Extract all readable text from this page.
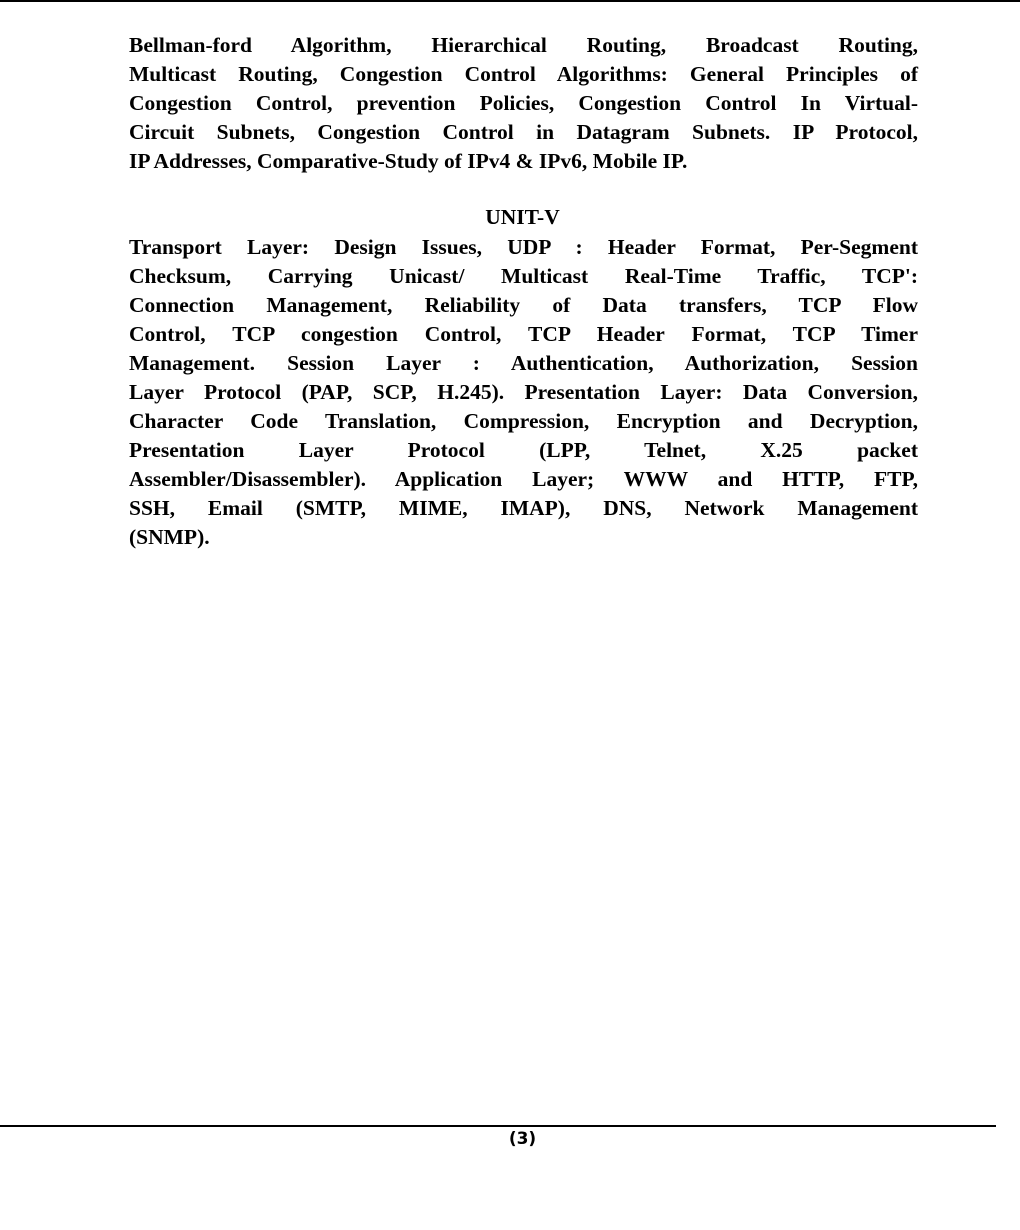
Bellman-ford Algorithm, Hierarchical Routing, Broadcast Routing,
Multicast Routing, Congestion Control Algorithms: General Principles of
Congestion Control, prevention Policies, Congestion Control In Virtual-
Circuit Subnets, Congestion Control in Datagram Subnets. IP Protocol,
IP Addresses, Comparative-Study of IPv4 & IPv6, Mobile IP.
UNIT-V
Transport Layer: Design Issues, UDP : Header Format, Per-Segment
Checksum, Carrying Unicast/ Multicast Real-Time Traffic, TCP':
Connection Management, Reliability of Data transfers, TCP Flow
Control, TCP congestion Control, TCP Header Format, TCP Timer
Management. Session Layer : Authentication, Authorization, Session
Layer Protocol (PAP, SCP, H.245). Presentation Layer: Data Conversion,
Character Code Translation, Compression, Encryption and Decryption,
Presentation Layer Protocol (LPP, Telnet, X.25 packet
Assembler/Disassembler). Application Layer; WWW and HTTP, FTP,
SSH, Email (SMTP, MIME, IMAP), DNS, Network Management
(SNMP).
(3)
